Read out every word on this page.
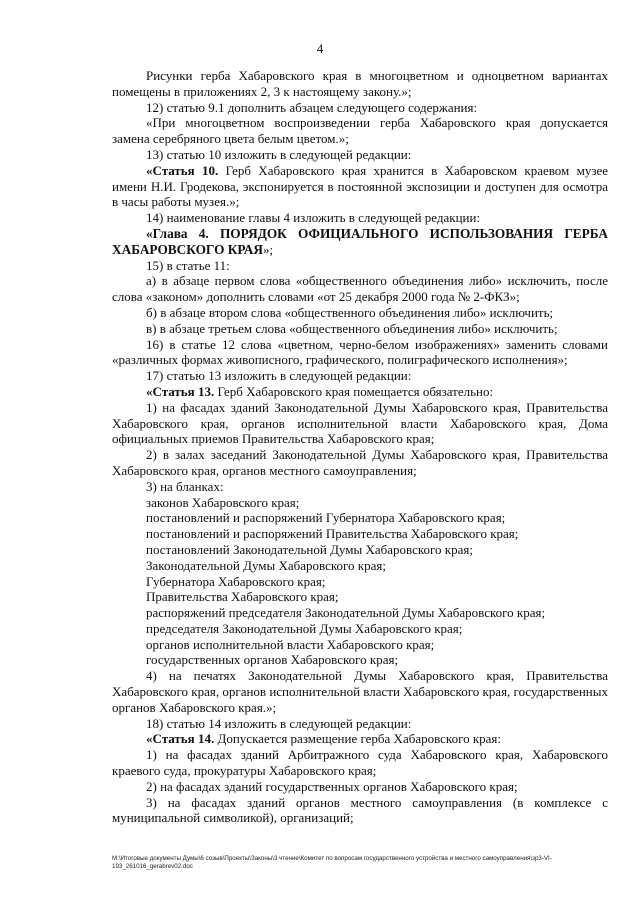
4

Рисунки герба Хабаровского края в многоцветном и одноцветном вариантах помещены в приложениях 2, 3 к настоящему закону.»;

12) статью 9.1 дополнить абзацем следующего содержания:

«При многоцветном воспроизведении герба Хабаровского края допускается замена серебряного цвета белым цветом.»;

13) статью 10 изложить в следующей редакции:

«Статья 10. Герб Хабаровского края хранится в Хабаровском краевом музее имени Н.И. Гродекова, экспонируется в постоянной экспозиции и доступен для осмотра в часы работы музея.»;

14) наименование главы 4 изложить в следующей редакции:

«Глава 4. ПОРЯДОК ОФИЦИАЛЬНОГО ИСПОЛЬЗОВАНИЯ ГЕРБА ХАБАРОВСКОГО КРАЯ»;

15) в статье 11:

а) в абзаце первом слова «общественного объединения либо» исключить, после слова «законом» дополнить словами «от 25 декабря 2000 года № 2-ФКЗ»;

б) в абзаце втором слова «общественного объединения либо» исключить;

в) в абзаце третьем слова «общественного объединения либо» исключить;

16) в статье 12 слова «цветном, черно-белом изображениях» заменить словами «различных формах живописного, графического, полиграфического исполнения»;

17) статью 13 изложить в следующей редакции:

«Статья 13. Герб Хабаровского края помещается обязательно:

1) на фасадах зданий Законодательной Думы Хабаровского края, Правительства Хабаровского края, органов исполнительной власти Хабаровского края, Дома официальных приемов Правительства Хабаровского края;

2) в залах заседаний Законодательной Думы Хабаровского края, Правительства Хабаровского края, органов местного самоуправления;

3) на бланках:

законов Хабаровского края;

постановлений и распоряжений Губернатора Хабаровского края;

постановлений и распоряжений Правительства Хабаровского края;

постановлений Законодательной Думы Хабаровского края;

Законодательной Думы Хабаровского края;

Губернатора Хабаровского края;

Правительства Хабаровского края;

распоряжений председателя Законодательной Думы Хабаровского края;

председателя Законодательной Думы Хабаровского края;

органов исполнительной власти Хабаровского края;

государственных органов Хабаровского края;

4) на печатях Законодательной Думы Хабаровского края, Правительства Хабаровского края, органов исполнительной власти Хабаровского края, государственных органов Хабаровского края.»;

18) статью 14 изложить в следующей редакции:

«Статья 14. Допускается размещение герба Хабаровского края:

1) на фасадах зданий Арбитражного суда Хабаровского края, Хабаровского краевого суда, прокуратуры Хабаровского края;

2) на фасадах зданий государственных органов Хабаровского края;

3) на фасадах зданий органов местного самоуправления (в комплексе с муниципальной символикой), организаций;

M:\Итоговые документы Думы\6 созыв\Проекты\Законы\3 чтение\Комитет по вопросам государственного устройства и местного самоуправления\зр3-VI-193_261016_gerabrev02.doc
